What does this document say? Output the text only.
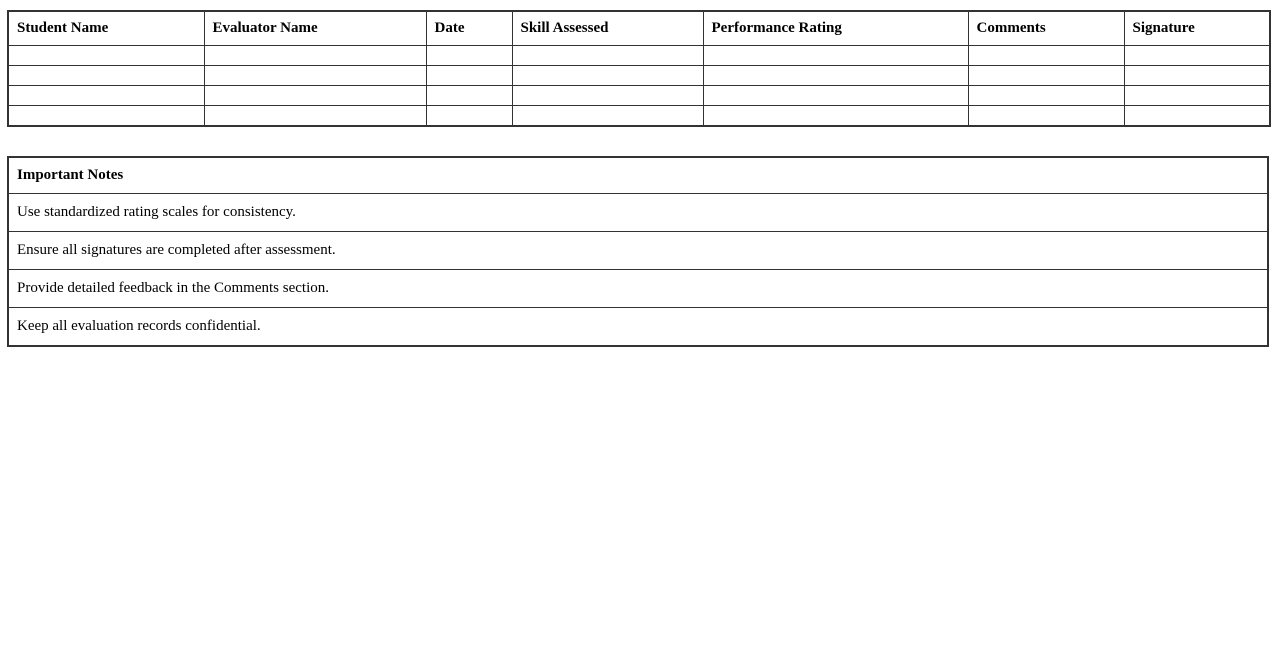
Student Name	Evaluator Name	Date	Skill Assessed	Performance Rating	Comments	Signature

Important Notes
Use standardized rating scales for consistency.
Ensure all signatures are completed after assessment.
Provide detailed feedback in the Comments section.
Keep all evaluation records confidential.
